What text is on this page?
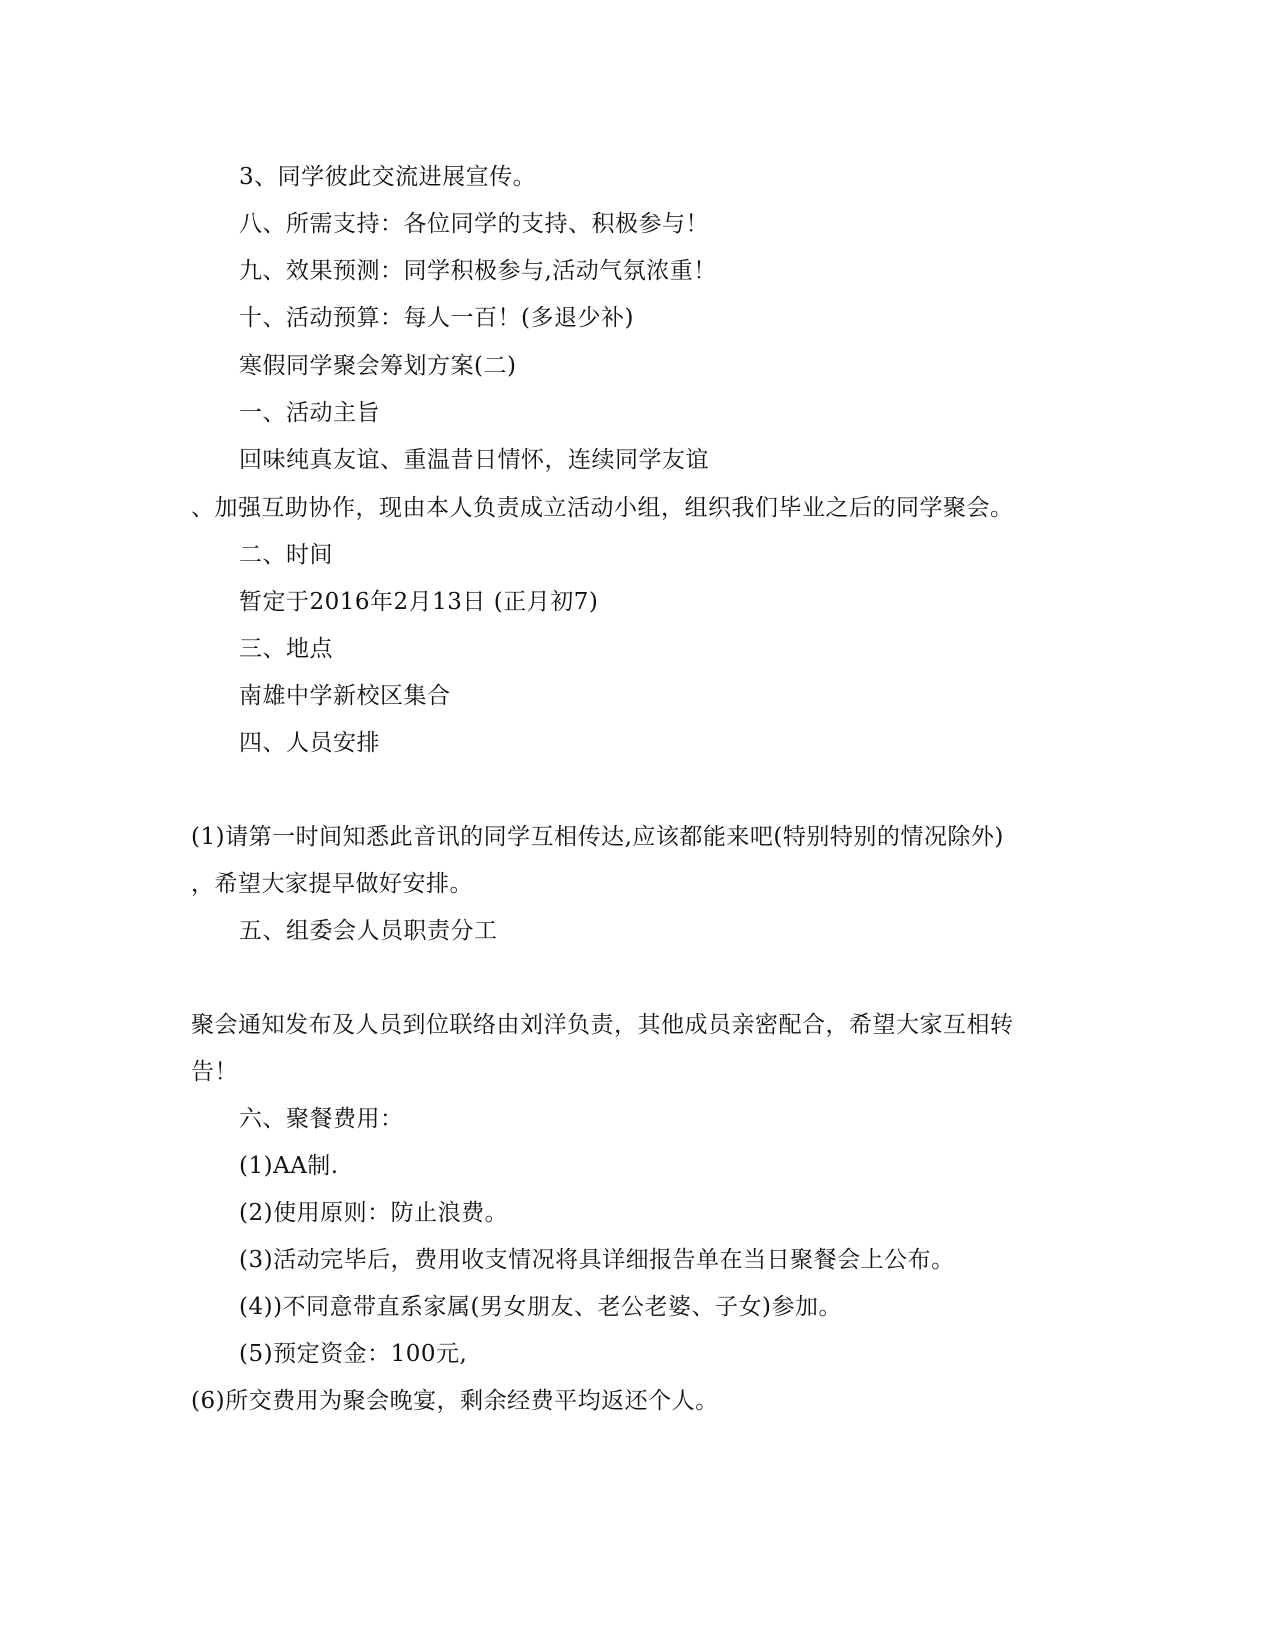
3、同学彼此交流进展宣传。
八、所需支持：各位同学的支持、积极参与！
九、效果预测：同学积极参与,活动气氛浓重！
十、活动预算：每人一百！(多退少补)
寒假同学聚会筹划方案(二)
一、活动主旨
回味纯真友谊、重温昔日情怀，连续同学友谊
、加强互助协作，现由本人负责成立活动小组，组织我们毕业之后的同学聚会。
二、时间
暂定于2016年2月13日 (正月初7)
三、地点
南雄中学新校区集合
四、人员安排
(1)请第一时间知悉此音讯的同学互相传达,应该都能来吧(特别特别的情况除外)
，希望大家提早做好安排。
五、组委会人员职责分工
聚会通知发布及人员到位联络由刘洋负责，其他成员亲密配合，希望大家互相转
告！
六、聚餐费用：
(1)AA制.
(2)使用原则：防止浪费。
(3)活动完毕后，费用收支情况将具详细报告单在当日聚餐会上公布。
(4))不同意带直系家属(男女朋友、老公老婆、子女)参加。
(5)预定资金：100元,
(6)所交费用为聚会晚宴，剩余经费平均返还个人。
